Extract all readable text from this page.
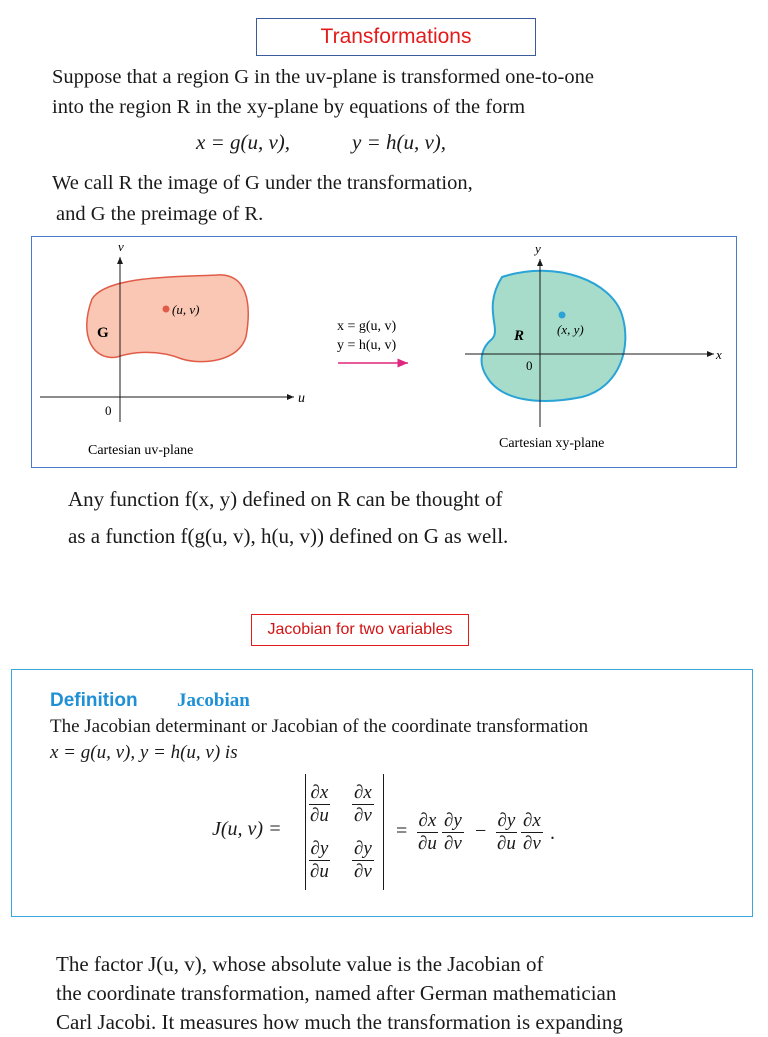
Transformations
Suppose that a region G in the uv-plane is transformed one-to-one
into the region R in the xy-plane by equations of the form
x = g(u, v),	y = h(u, v),
We call R the image of G under the transformation,
and G the preimage of R.
v
u
0
G
(u, v)
Cartesian uv-plane
x = g(u, v)
y = h(u, v)
y
x
0
R	(x, y)
Cartesian xy-plane
Any function f(x, y) defined on R can be thought of
as a function f(g(u, v), h(u, v)) defined on G as well.
Jacobian for two variables
Definition Jacobian
The Jacobian determinant or Jacobian of the coordinate transformation
x = g(u, v), y = h(u, v) is
J(u, v) =
$\frac{\partial x}{\partial u} \frac{\partial x}{\partial v}$
$\frac{\partial y}{\partial u} \frac{\partial y}{\partial v}$
= $\frac{\partial x}{\partial u} \frac{\partial y}{\partial v} - \frac{\partial y}{\partial u} \frac{\partial x}{\partial v}$ .
The factor J(u, v), whose absolute value is the Jacobian of
the coordinate transformation, named after German mathematician
Carl Jacobi. It measures how much the transformation is expanding
